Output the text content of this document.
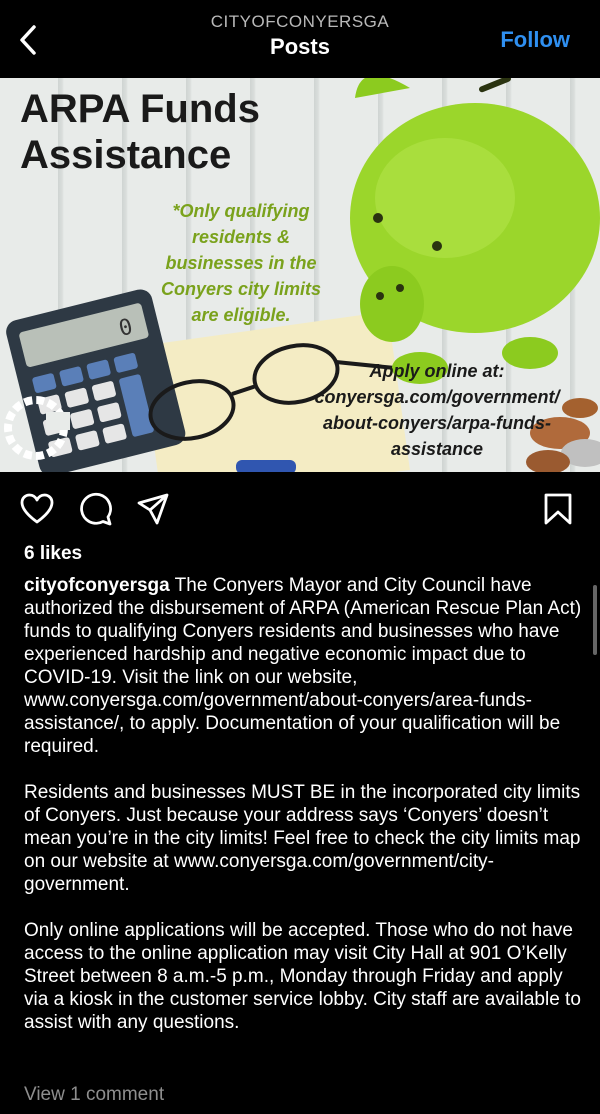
CITYOFCONYERSGA
Posts	Follow
0
ARPA Funds
Assistance
*Only qualifying residents & businesses in the Conyers city limits are eligible.
Apply online at: conyersga.com/government/ about-conyers/arpa-funds- assistance
6 likes

cityofconyersga The Conyers Mayor and City Council have authorized the disbursement of ARPA (American Rescue Plan Act) funds to qualifying Conyers residents and businesses who have experienced hardship and negative economic impact due to COVID-19. Visit the link on our website, www.conyersga.com/government/about-conyers/area-funds-assistance/, to apply. Documentation of your qualification will be required.

Residents and businesses MUST BE in the incorporated city limits of Conyers. Just because your address says ‘Conyers’ doesn’t mean you’re in the city limits! Feel free to check the city limits map on our website at www.conyersga.com/government/city-government.

Only online applications will be accepted. Those who do not have access to the online application may visit City Hall at 901 O’Kelly Street between 8 a.m.-5 p.m., Monday through Friday and apply via a kiosk in the customer service lobby. City staff are available to assist with any questions.

View 1 comment
